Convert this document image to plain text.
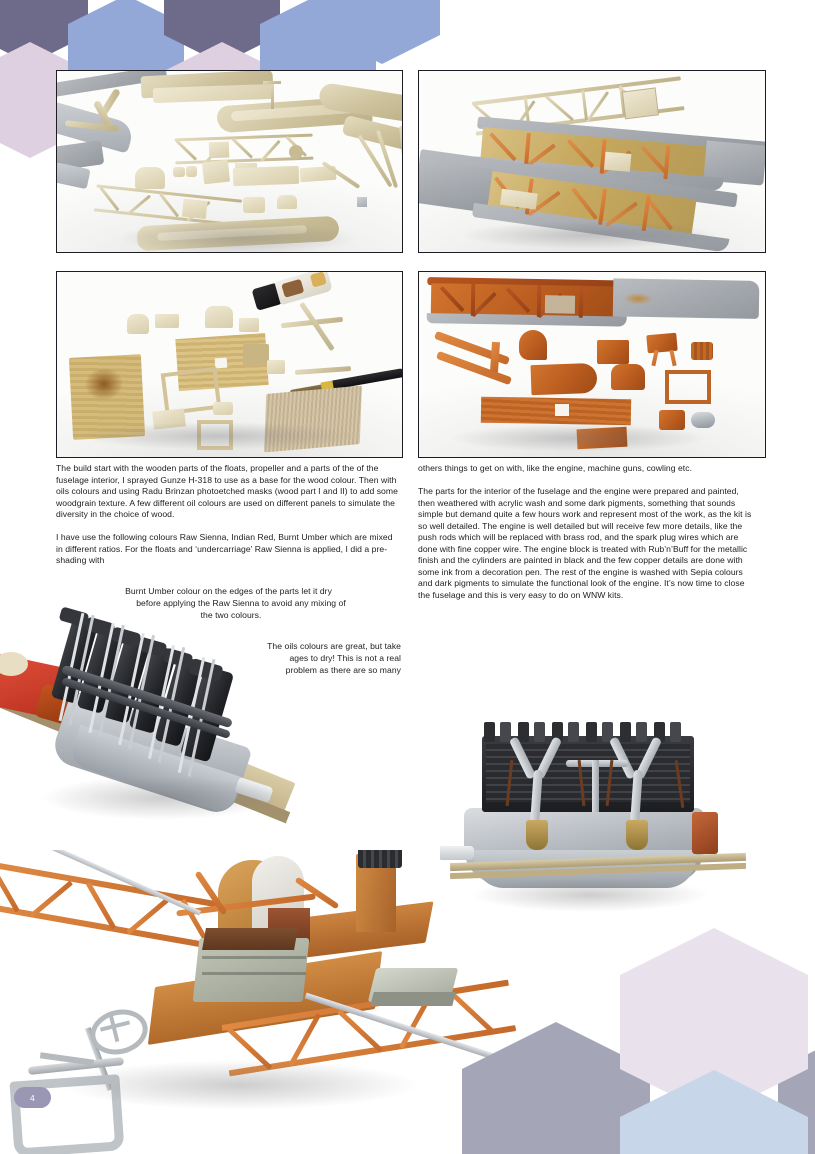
The build start with the wooden parts of the floats, propeller and a parts of the of the fuselage interior, I sprayed Gunze H-318 to use as a base for the wood colour. Then with oils colours and using Radu Brinzan photoetched masks (wood part I and II) to add some woodgrain texture. A few different oil colours are used on different panels to simulate the diversity in the choice of wood.

I have use the following colours Raw Sienna, Indian Red, Burnt Umber which are mixed in different ratios. For the floats and ‘undercarriage’ Raw Sienna is applied, I did a pre-shading with

Burnt Umber colour on the edges of the parts let it dry
before applying the Raw Sienna to avoid any mixing of
the two colours.
The oils colours are great, but take
ages to dry! This is not a real
problem as there are so many

others things to get on with, like the engine, machine guns, cowling etc.

The parts for the interior of the fuselage and the engine were prepared and painted, then weathered with acrylic wash and some dark pigments, something that sounds simple but demand quite a few hours work and represent most of the work, as the kit is so well detailed. The engine is well detailed but will receive few more details, like the push rods which will be replaced with brass rod, and the spark plug wires which are done with fine copper wire. The engine block is treated with Rub’n’Buff for the metallic finish and the cylinders are painted in black and the few copper details are done with some ink from a decoration pen. The rest of the engine is washed with Sepia colours and dark pigments to simulate the functional look of the engine. It’s now time to close the fuselage and this is very easy to do on WNW kits.

4
